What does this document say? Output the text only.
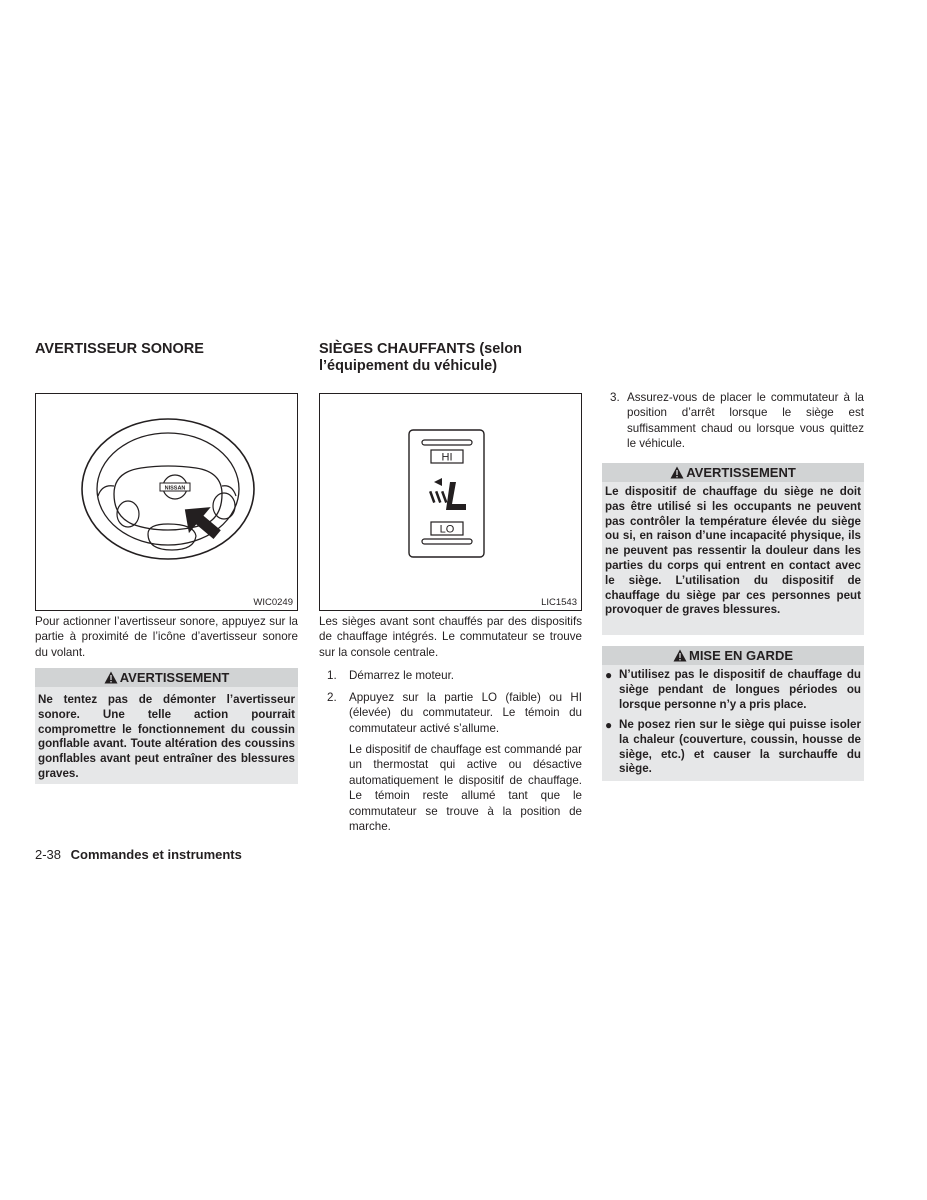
AVERTISSEUR SONORE
NISSAN
WIC0249
Pour actionner l’avertisseur sonore, appuyez sur la partie à proximité de l’icône d’avertisseur sonore du volant.
AVERTISSEMENT
Ne tentez pas de démonter l’avertisseur sonore. Une telle action pourrait compromettre le fonctionnement du coussin gonflable avant. Toute altération des coussins gonflables avant peut entraîner des blessures graves.
SIÈGES CHAUFFANTS (selon
l’équipement du véhicule)
HI
LO
LIC1543
Les sièges avant sont chauffés par des dispositifs de chauffage intégrés. Le commutateur se trouve sur la console centrale.
1. Démarrez le moteur.
2. Appuyez sur la partie LO (faible) ou HI (élevée) du commutateur. Le témoin du commutateur activé s’allume.
Le dispositif de chauffage est commandé par un thermostat qui active ou désactive automatiquement le dispositif de chauffage. Le témoin reste allumé tant que le commutateur se trouve à la position de marche.
3. Assurez-vous de placer le commutateur à la position d’arrêt lorsque le siège est suffisamment chaud ou lorsque vous quittez le véhicule.
AVERTISSEMENT
Le dispositif de chauffage du siège ne doit pas être utilisé si les occupants ne peuvent pas contrôler la température élevée du siège ou si, en raison d’une incapacité physique, ils ne peuvent pas ressentir la douleur dans les parties du corps qui entrent en contact avec le siège. L’utilisation du dispositif de chauffage du siège par ces personnes peut provoquer de graves blessures.
MISE EN GARDE
● N’utilisez pas le dispositif de chauffage du siège pendant de longues périodes ou lorsque personne n’y a pris place.
● Ne posez rien sur le siège qui puisse isoler la chaleur (couverture, coussin, housse de siège, etc.) et causer la surchauffe du siège.
2-38 Commandes et instruments
